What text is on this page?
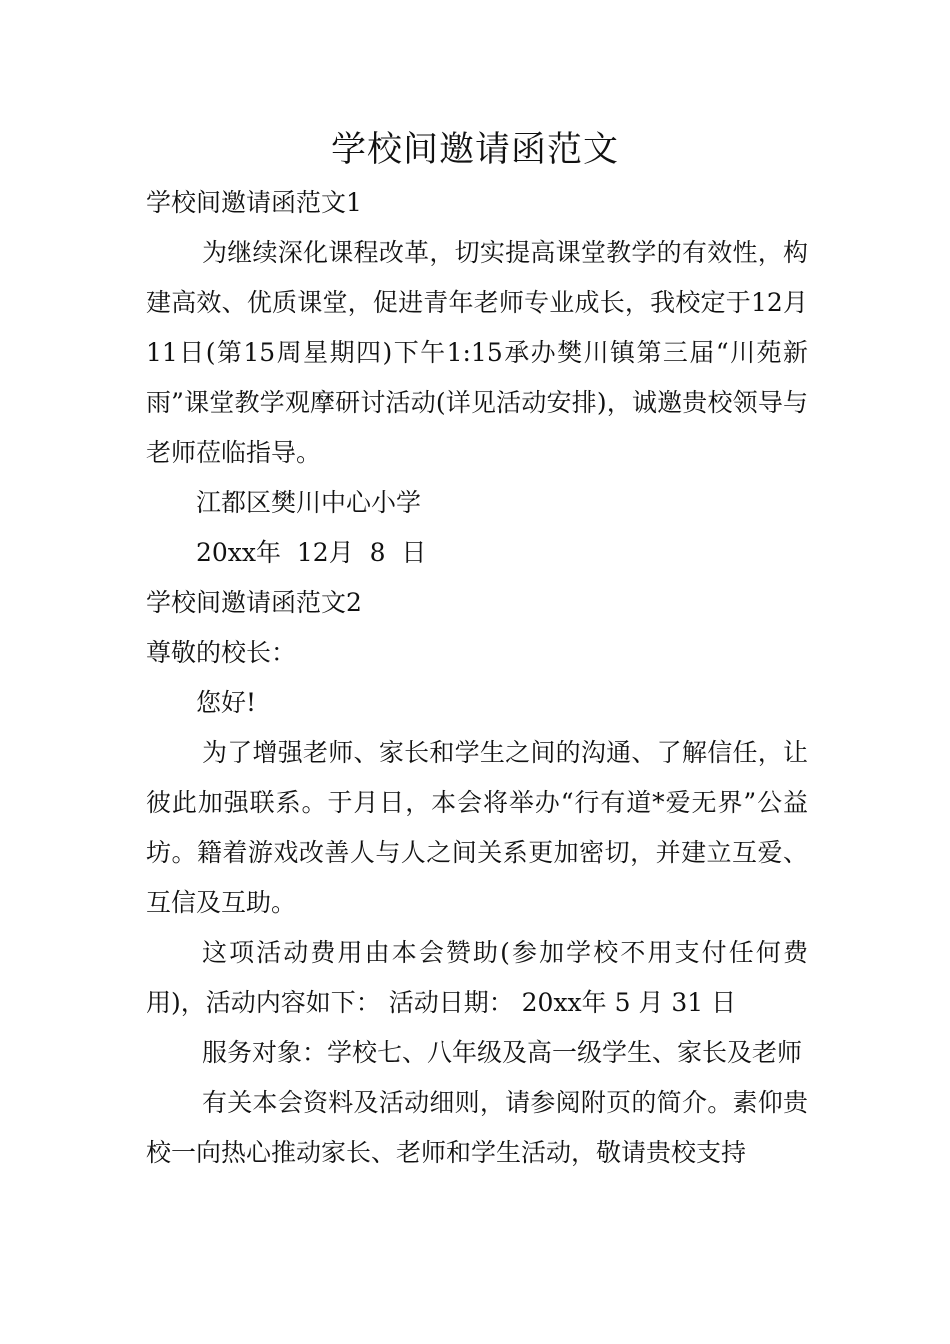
学校间邀请函范文

学校间邀请函范文1

为继续深化课程改革，切实提高课堂教学的有效性，构建高效、优质课堂，促进青年老师专业成长，我校定于12月11日(第15周星期四)下午1:15承办樊川镇第三届“川苑新雨”课堂教学观摩研讨活动(详见活动安排)，诚邀贵校领导与老师莅临指导。

江都区樊川中心小学

20xx年  12月  8  日

学校间邀请函范文2

尊敬的校长：

您好!

为了增强老师、家长和学生之间的沟通、了解信任，让彼此加强联系。于月日，本会将举办“行有道*爱无界”公益坊。籍着游戏改善人与人之间关系更加密切，并建立互爱、互信及互助。

这项活动费用由本会赞助(参加学校不用支付任何费用)，活动内容如下： 活动日期： 20xx年 5 月 31 日

服务对象：学校七、八年级及高一级学生、家长及老师

有关本会资料及活动细则，请参阅附页的简介。素仰贵校一向热心推动家长、老师和学生活动，敬请贵校支持
